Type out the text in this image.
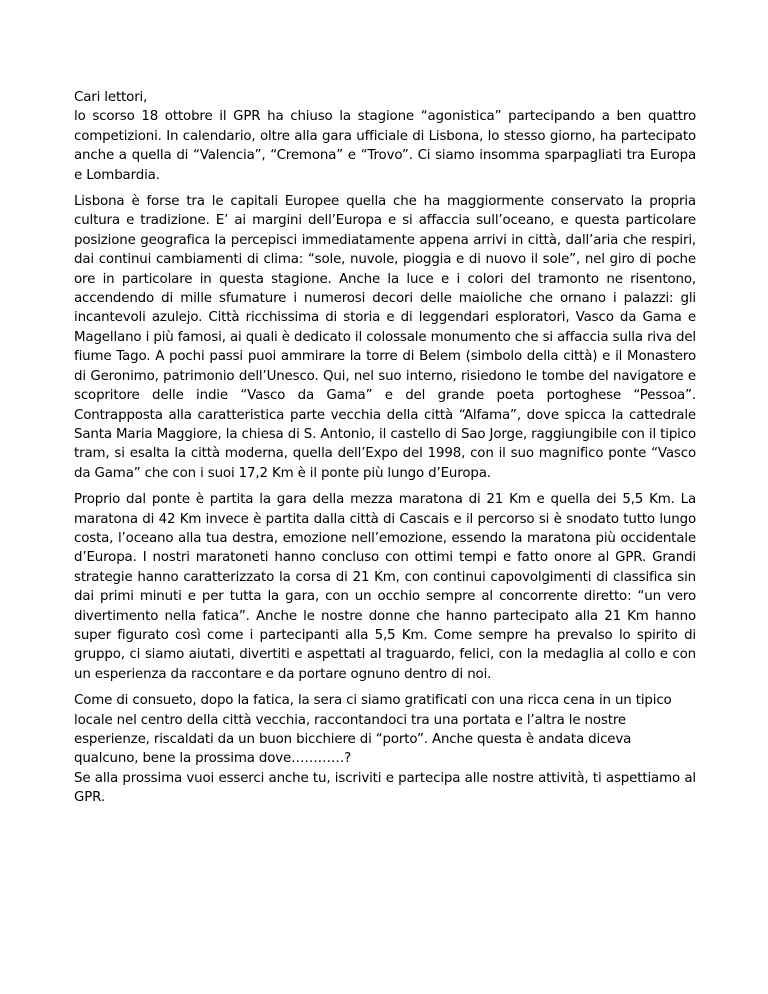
Cari lettori,
lo scorso 18 ottobre il GPR ha chiuso la stagione “agonistica” partecipando a ben quattro competizioni. In calendario, oltre alla gara ufficiale di Lisbona, lo stesso giorno, ha partecipato anche a quella di “Valencia”, “Cremona” e “Trovo”. Ci siamo insomma sparpagliati tra Europa e Lombardia.

Lisbona è forse tra le capitali Europee quella che ha maggiormente conservato la propria cultura e tradizione. E’ ai margini dell’Europa e si affaccia sull’oceano, e questa particolare posizione geografica la percepisci immediatamente appena arrivi in città, dall’aria che respiri, dai continui cambiamenti di clima: “sole, nuvole, pioggia e di nuovo il sole”, nel giro di poche ore in particolare in questa stagione. Anche la luce e i colori del tramonto ne risentono, accendendo di mille sfumature i numerosi decori delle maioliche che ornano i palazzi: gli incantevoli azulejo. Città ricchissima di storia e di leggendari esploratori, Vasco da Gama e Magellano i più famosi, ai quali è dedicato il colossale monumento che si affaccia sulla riva del fiume Tago. A pochi passi puoi ammirare la torre di Belem (simbolo della città) e il Monastero di Geronimo, patrimonio dell’Unesco. Qui, nel suo interno, risiedono le tombe del navigatore e scopritore delle indie “Vasco da Gama” e del grande poeta portoghese “Pessoa”. Contrapposta alla caratteristica parte vecchia della città “Alfama”, dove spicca la cattedrale Santa Maria Maggiore, la chiesa di S. Antonio, il castello di Sao Jorge, raggiungibile con il tipico tram, si esalta la città moderna, quella dell’Expo del 1998, con il suo magnifico ponte “Vasco da Gama” che con i suoi 17,2 Km è il ponte più lungo d’Europa.

Proprio dal ponte è partita la gara della mezza maratona di 21 Km e quella dei 5,5 Km. La maratona di 42 Km invece è partita dalla città di Cascais e il percorso si è snodato tutto lungo costa, l’oceano alla tua destra, emozione nell’emozione, essendo la maratona più occidentale d’Europa. I nostri maratoneti hanno concluso con ottimi tempi e fatto onore al GPR. Grandi strategie hanno caratterizzato la corsa di 21 Km, con continui capovolgimenti di classifica sin dai primi minuti e per tutta la gara, con un occhio sempre al concorrente diretto: “un vero divertimento nella fatica”. Anche le nostre donne che hanno partecipato alla 21 Km hanno super figurato così come i partecipanti alla 5,5 Km. Come sempre ha prevalso lo spirito di gruppo, ci siamo aiutati, divertiti e aspettati al traguardo, felici, con la medaglia al collo e con un esperienza da raccontare e da portare ognuno dentro di noi.

Come di consueto, dopo la fatica, la sera ci siamo gratificati con una ricca cena in un tipico locale nel centro della città vecchia, raccontandoci tra una portata e l’altra le nostre esperienze, riscaldati da un buon bicchiere di “porto”. Anche questa è andata diceva qualcuno, bene la prossima dove…………?
Se alla prossima vuoi esserci anche tu, iscriviti e partecipa alle nostre attività, ti aspettiamo al GPR.
